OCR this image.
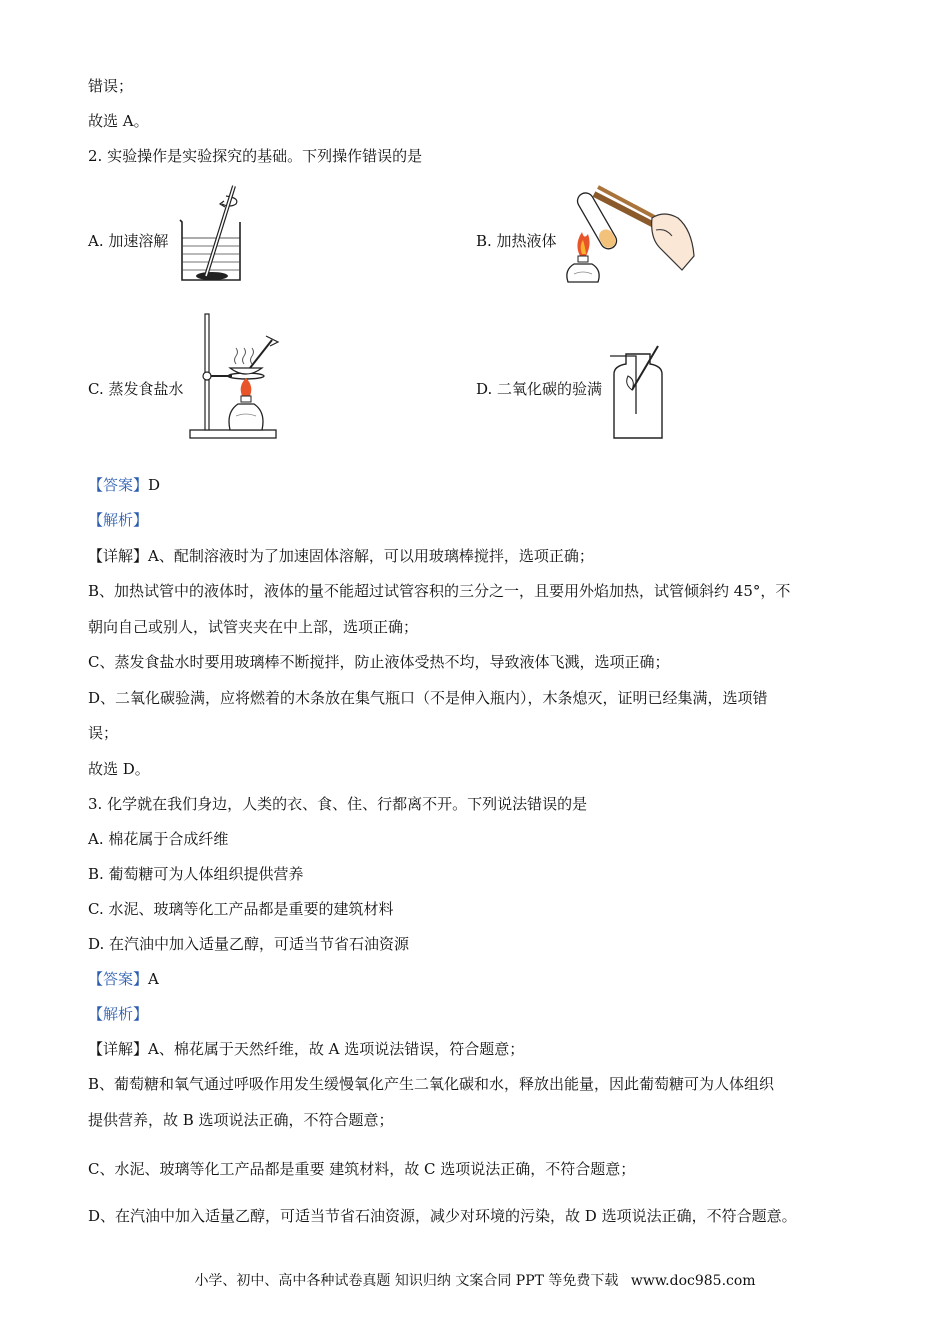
错误；
故选 A。
2. 实验操作是实验探究的基础。下列操作错误的是
A. 加速溶解	B. 加热液体
C. 蒸发食盐水	D. 二氧化碳的验满
【答案】D
【解析】
【详解】A、配制溶液时为了加速固体溶解，可以用玻璃棒搅拌，选项正确；
B、加热试管中的液体时，液体的量不能超过试管容积的三分之一，且要用外焰加热，试管倾斜约 45°，不
朝向自己或别人，试管夹夹在中上部，选项正确；
C、蒸发食盐水时要用玻璃棒不断搅拌，防止液体受热不均，导致液体飞溅，选项正确；
D、二氧化碳验满，应将燃着的木条放在集气瓶口（不是伸入瓶内），木条熄灭，证明已经集满，选项错
误；
故选 D。
3. 化学就在我们身边，人类的衣、食、住、行都离不开。下列说法错误的是
A. 棉花属于合成纤维
B. 葡萄糖可为人体组织提供营养
C. 水泥、玻璃等化工产品都是重要的建筑材料
D. 在汽油中加入适量乙醇，可适当节省石油资源
【答案】A
【解析】
【详解】A、棉花属于天然纤维，故 A 选项说法错误，符合题意；
B、葡萄糖和氧气通过呼吸作用发生缓慢氧化产生二氧化碳和水，释放出能量，因此葡萄糖可为人体组织
提供营养，故 B 选项说法正确，不符合题意；
C、水泥、玻璃等化工产品都是重要 建筑材料，故 C 选项说法正确，不符合题意；
D、在汽油中加入适量乙醇，可适当节省石油资源，减少对环境的污染，故 D 选项说法正确，不符合题意。
小学、初中、高中各种试卷真题 知识归纳 文案合同 PPT 等免费下载 www.doc985.com
